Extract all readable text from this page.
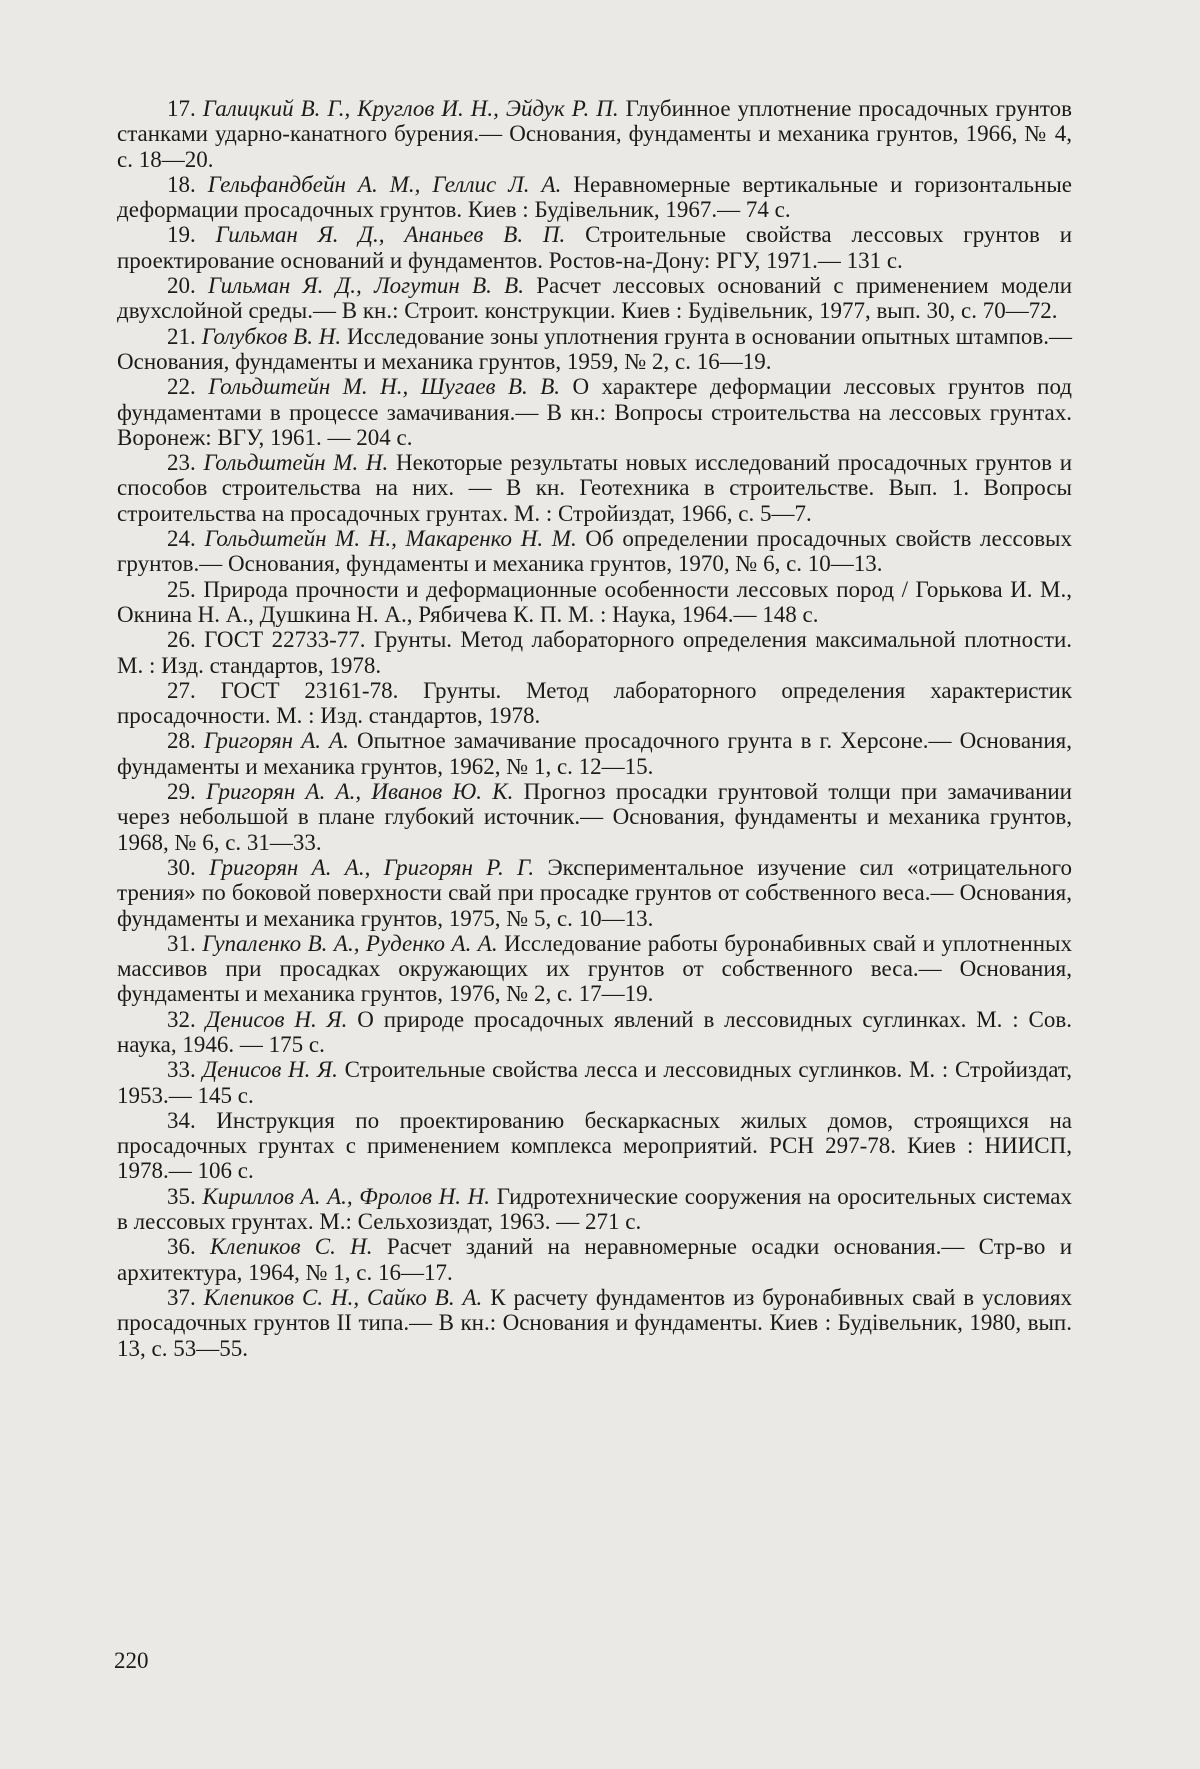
17. Галицкий В. Г., Круглов И. Н., Эйдук Р. П. Глубинное уплотнение просадочных грунтов станками ударно-канатного бурения.— Основания, фундаменты и механика грунтов, 1966, № 4, с. 18—20.
18. Гельфандбейн А. М., Геллис Л. А. Неравномерные вертикальные и горизонтальные деформации просадочных грунтов. Киев : Будівельник, 1967.— 74 с.
19. Гильман Я. Д., Ананьев В. П. Строительные свойства лессовых грунтов и проектирование оснований и фундаментов. Ростов-на-Дону: РГУ, 1971.— 131 с.
20. Гильман Я. Д., Логутин В. В. Расчет лессовых оснований с применением модели двухслойной среды.— В кн.: Строит. конструкции. Киев : Будівельник, 1977, вып. 30, с. 70—72.
21. Голубков В. Н. Исследование зоны уплотнения грунта в основании опытных штампов.— Основания, фундаменты и механика грунтов, 1959, № 2, с. 16—19.
22. Гольдштейн М. Н., Шугаев В. В. О характере деформации лессовых грунтов под фундаментами в процессе замачивания.— В кн.: Вопросы строительства на лессовых грунтах. Воронеж: ВГУ, 1961. — 204 с.
23. Гольдштейн М. Н. Некоторые результаты новых исследований просадочных грунтов и способов строительства на них. — В кн. Геотехника в строительстве. Вып. 1. Вопросы строительства на просадочных грунтах. М. : Стройиздат, 1966, с. 5—7.
24. Гольдштейн М. Н., Макаренко Н. М. Об определении просадочных свойств лессовых грунтов.— Основания, фундаменты и механика грунтов, 1970, № 6, с. 10—13.
25. Природа прочности и деформационные особенности лессовых пород / Горькова И. М., Окнина Н. А., Душкина Н. А., Рябичева К. П. М. : Наука, 1964.— 148 с.
26. ГОСТ 22733-77. Грунты. Метод лабораторного определения максимальной плотности. М. : Изд. стандартов, 1978.
27. ГОСТ 23161-78. Грунты. Метод лабораторного определения характеристик просадочности. М. : Изд. стандартов, 1978.
28. Григорян А. А. Опытное замачивание просадочного грунта в г. Херсоне.— Основания, фундаменты и механика грунтов, 1962, № 1, с. 12—15.
29. Григорян А. А., Иванов Ю. К. Прогноз просадки грунтовой толщи при замачивании через небольшой в плане глубокий источник.— Основания, фундаменты и механика грунтов, 1968, № 6, с. 31—33.
30. Григорян А. А., Григорян Р. Г. Экспериментальное изучение сил «отрицательного трения» по боковой поверхности свай при просадке грунтов от собственного веса.— Основания, фундаменты и механика грунтов, 1975, № 5, с. 10—13.
31. Гупаленко В. А., Руденко А. А. Исследование работы буронабивных свай и уплотненных массивов при просадках окружающих их грунтов от собственного веса.— Основания, фундаменты и механика грунтов, 1976, № 2, с. 17—19.
32. Денисов Н. Я. О природе просадочных явлений в лессовидных суглинках. М. : Сов. наука, 1946. — 175 с.
33. Денисов Н. Я. Строительные свойства лесса и лессовидных суглинков. М. : Стройиздат, 1953.— 145 с.
34. Инструкция по проектированию бескаркасных жилых домов, строящихся на просадочных грунтах с применением комплекса мероприятий. РСН 297-78. Киев : НИИСП, 1978.— 106 с.
35. Кириллов А. А., Фролов Н. Н. Гидротехнические сооружения на оросительных системах в лессовых грунтах. М.: Сельхозиздат, 1963. — 271 с.
36. Клепиков С. Н. Расчет зданий на неравномерные осадки основания.— Стр-во и архитектура, 1964, № 1, с. 16—17.
37. Клепиков С. Н., Сайко В. А. К расчету фундаментов из буронабивных свай в условиях просадочных грунтов II типа.— В кн.: Основания и фундаменты. Киев : Будівельник, 1980, вып. 13, с. 53—55.
220
